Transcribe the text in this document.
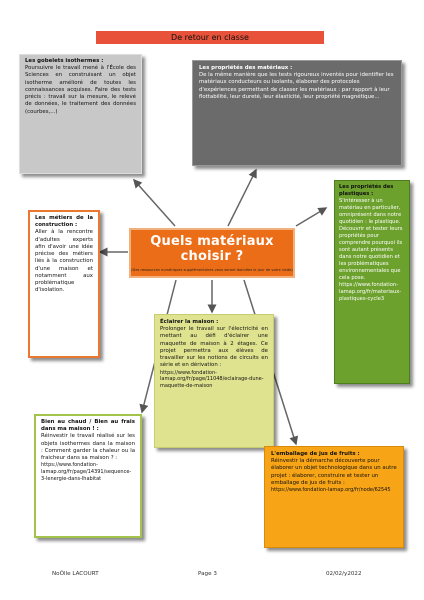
De retour en classe
Les gobelets isothermes :
Poursuivre le travail mené à l'École des Sciences en construisant un objet isotherme amélioré de toutes les connaissances acquises. Faire des tests précis : travail sur la mesure, le relevé de données, le traitement des données (courbes,...)
Les propriétés des matériaux :
De la même manière que les tests rigoureux inventés pour identifier les matériaux conducteurs ou isolants, élaborer des protocoles d'expériences permettant de classer les matériaux : par rapport à leur flottabilité, leur dureté, leur élasticité, leur propriété magnétique...
Les propriétés des plastiques :
S'intéresser à un matériau en particulier, omniprésent dans notre quotidien : le plastique. Découvrir et tester leurs propriétés pour comprendre pourquoi ils sont autant présents dans notre quotidien et les problématiques environnementales que cela pose. https://www.fondation-lamap.org/fr/materiaux-plastiques-cycle3
Les métiers de la construction :
Aller à la rencontre d'adultes experts afin d'avoir une idée précise des métiers liés à la construction d'une maison et notamment aux problématique d'isolation.
Quels matériaux choisir ?
(Des ressources numériques supplémentaires vous seront données le jour de votre visite)
Éclairer la maison :
Prolonger le travail sur l'électricité en mettant au défi d'éclairer une maquette de maison à 2 étages. Ce projet permettra aux élèves de travailler sur les notions de circuits en série et en dérivation :
https://www.fondation-lamap.org/fr/page/11048/eclairage-dune-maquette-de-maison
Bien au chaud / Bien au frais dans ma maison ! :
Réinvestir le travail réalisé sur les objets isothermes dans la maison : Comment garder la chaleur ou la fraicheur dans sa maison ? :
https://www.fondation-lamap.org/fr/page/14391/sequence-3-lenergie-dans-lhabitat
L'emballage de jus de fruits :
Réinvestir la démarche découverte pour élaborer un objet technologique dans un autre projet : élaborer, construire et tester un emballage de jus de fruits :
https://www.fondation-lamap.org/fr/node/62545
NoÕlle LACOURT	Page 3	02/02/y2022
